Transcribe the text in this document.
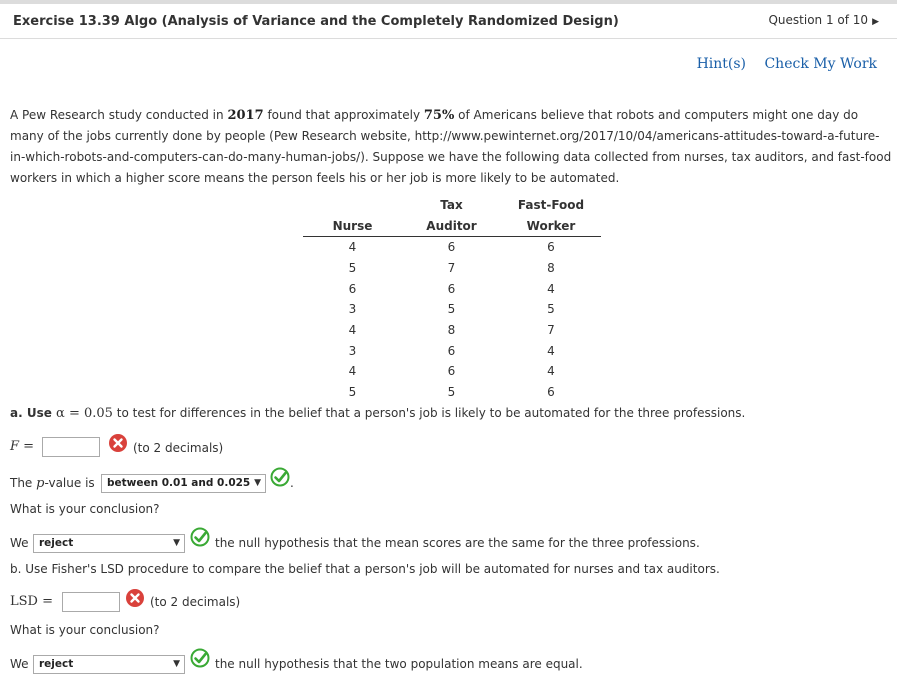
Exercise 13.39 Algo (Analysis of Variance and the Completely Randomized Design)	Question 1 of 10 ▶
Hint(s) Check My Work
A Pew Research study conducted in 2017 found that approximately 75% of Americans believe that robots and computers might one day do many of the jobs currently done by people (Pew Research website, http://www.pewinternet.org/2017/10/04/americans-attitudes-toward-a-future-in-which-robots-and-computers-can-do-many-human-jobs/). Suppose we have the following data collected from nurses, tax auditors, and fast-food workers in which a higher score means the person feels his or her job is more likely to be automated.
	Tax	Fast-Food
Nurse	Auditor	Worker
4	6	6
5	7	8
6	6	4
3	5	5
4	8	7
3	6	4
4	6	4
5	5	6
a. Use α = 0.05 to test for differences in the belief that a person's job is likely to be automated for the three professions.
F =	(to 2 decimals)
The p-value is	between 0.01 and 0.025 ▼ .
What is your conclusion?
We reject	▼	the null hypothesis that the mean scores are the same for the three professions.
b. Use Fisher's LSD procedure to compare the belief that a person's job will be automated for nurses and tax auditors.
LSD =	(to 2 decimals)
What is your conclusion?
We reject	▼	the null hypothesis that the two population means are equal.
